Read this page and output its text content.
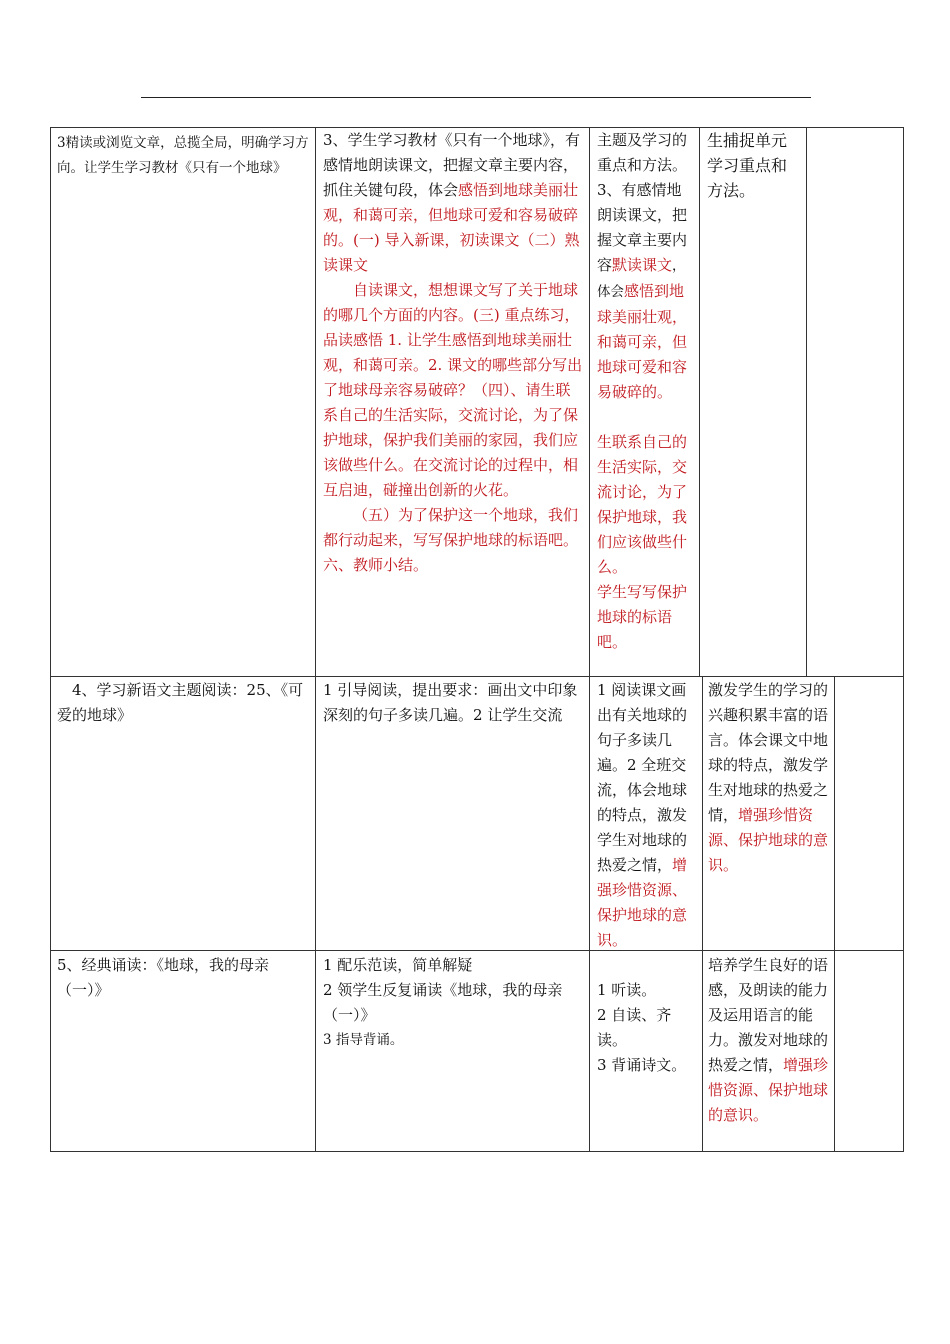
3精读或浏览文章，总揽全局，明确学习方向。让学生学习教材《只有一个地球》

3、学生学习教材《只有一个地球》，有感情地朗读课文，把握文章主要内容，抓住关键句段，体会感悟到地球美丽壮观，和蔼可亲，但地球可爱和容易破碎的。(一) 导入新课，初读课文（二）熟读课文

自读课文，想想课文写了关于地球的哪几个方面的内容。(三) 重点练习，品读感悟 1. 让学生感悟到地球美丽壮观，和蔼可亲。2. 课文的哪些部分写出了地球母亲容易破碎？（四）、请生联系自己的生活实际，交流讨论，为了保护地球，保护我们美丽的家园，我们应该做些什么。在交流讨论的过程中，相互启迪，碰撞出创新的火花。

（五）为了保护这一个地球，我们都行动起来，写写保护地球的标语吧。六、教师小结。

主题及学习的重点和方法。3、有感情地朗读课文，把握文章主要内容默读课文，体会感悟到地球美丽壮观，和蔼可亲，但地球可爱和容易破碎的。

生联系自己的生活实际，交流讨论，为了保护地球，我们应该做些什么。

学生写写保护地球的标语吧。

生捕捉单元学习重点和方法。

4、学习新语文主题阅读：25、《可爱的地球》

1 引导阅读，提出要求：画出文中印象深刻的句子多读几遍。2 让学生交流

1 阅读课文画出有关地球的句子多读几遍。2 全班交流，体会地球的特点，激发学生对地球的热爱之情，增强珍惜资源、保护地球的意识。

激发学生的学习的兴趣积累丰富的语言。体会课文中地球的特点，激发学生对地球的热爱之情，增强珍惜资源、保护地球的意识。

5、经典诵读：《地球，我的母亲（一）》

1 配乐范读，简单解疑

2 领学生反复诵读《地球，我的母亲（一）》

3 指导背诵。

1 听读。

2 自读、齐读。

3 背诵诗文。

培养学生良好的语感，及朗读的能力及运用语言的能力。激发对地球的热爱之情，增强珍惜资源、保护地球的意识。
